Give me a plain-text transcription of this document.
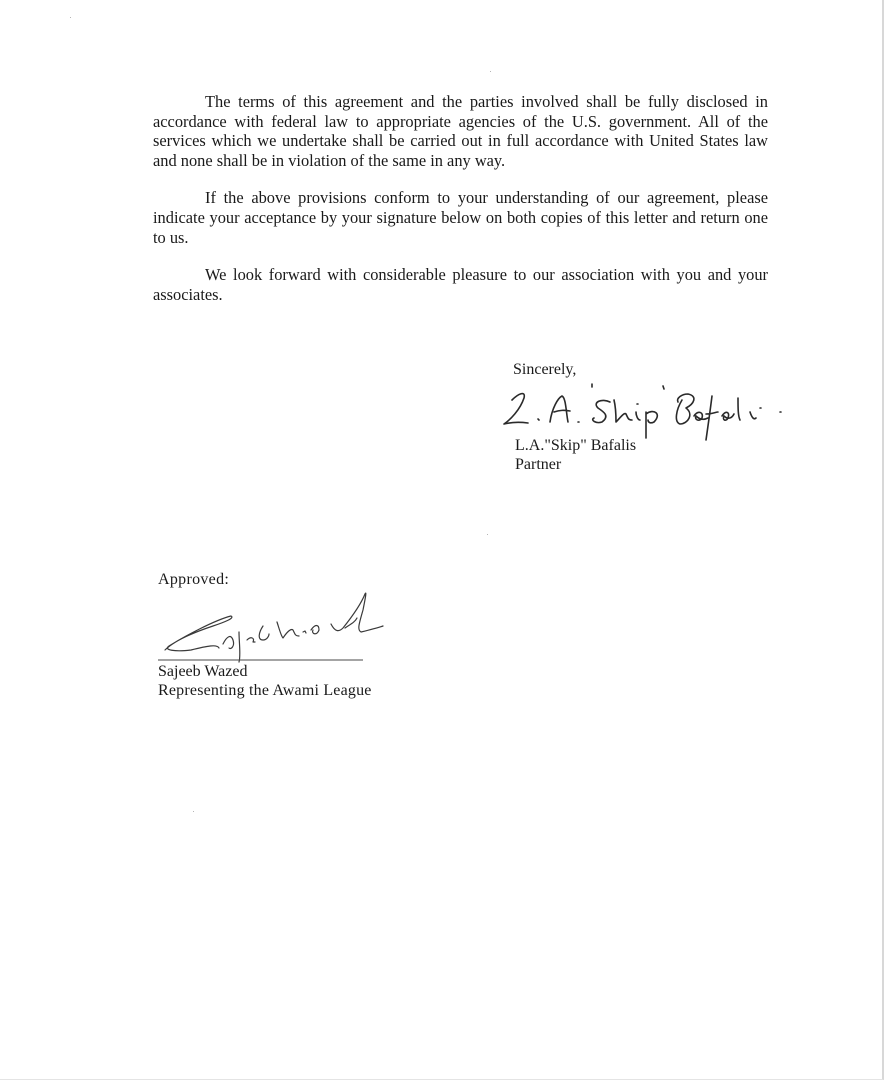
The terms of this agreement and the parties involved shall be fully disclosed in accordance with federal law to appropriate agencies of the U.S. government. All of the services which we undertake shall be carried out in full accordance with United States law and none shall be in violation of the same in any way.

If the above provisions conform to your understanding of our agreement, please indicate your acceptance by your signature below on both copies of this letter and return one to us.

We look forward with considerable pleasure to our association with you and your associates.

Sincerely,
L.A."Skip" Bafalis
Partner
Approved:
Sajeeb Wazed
Representing the Awami League
